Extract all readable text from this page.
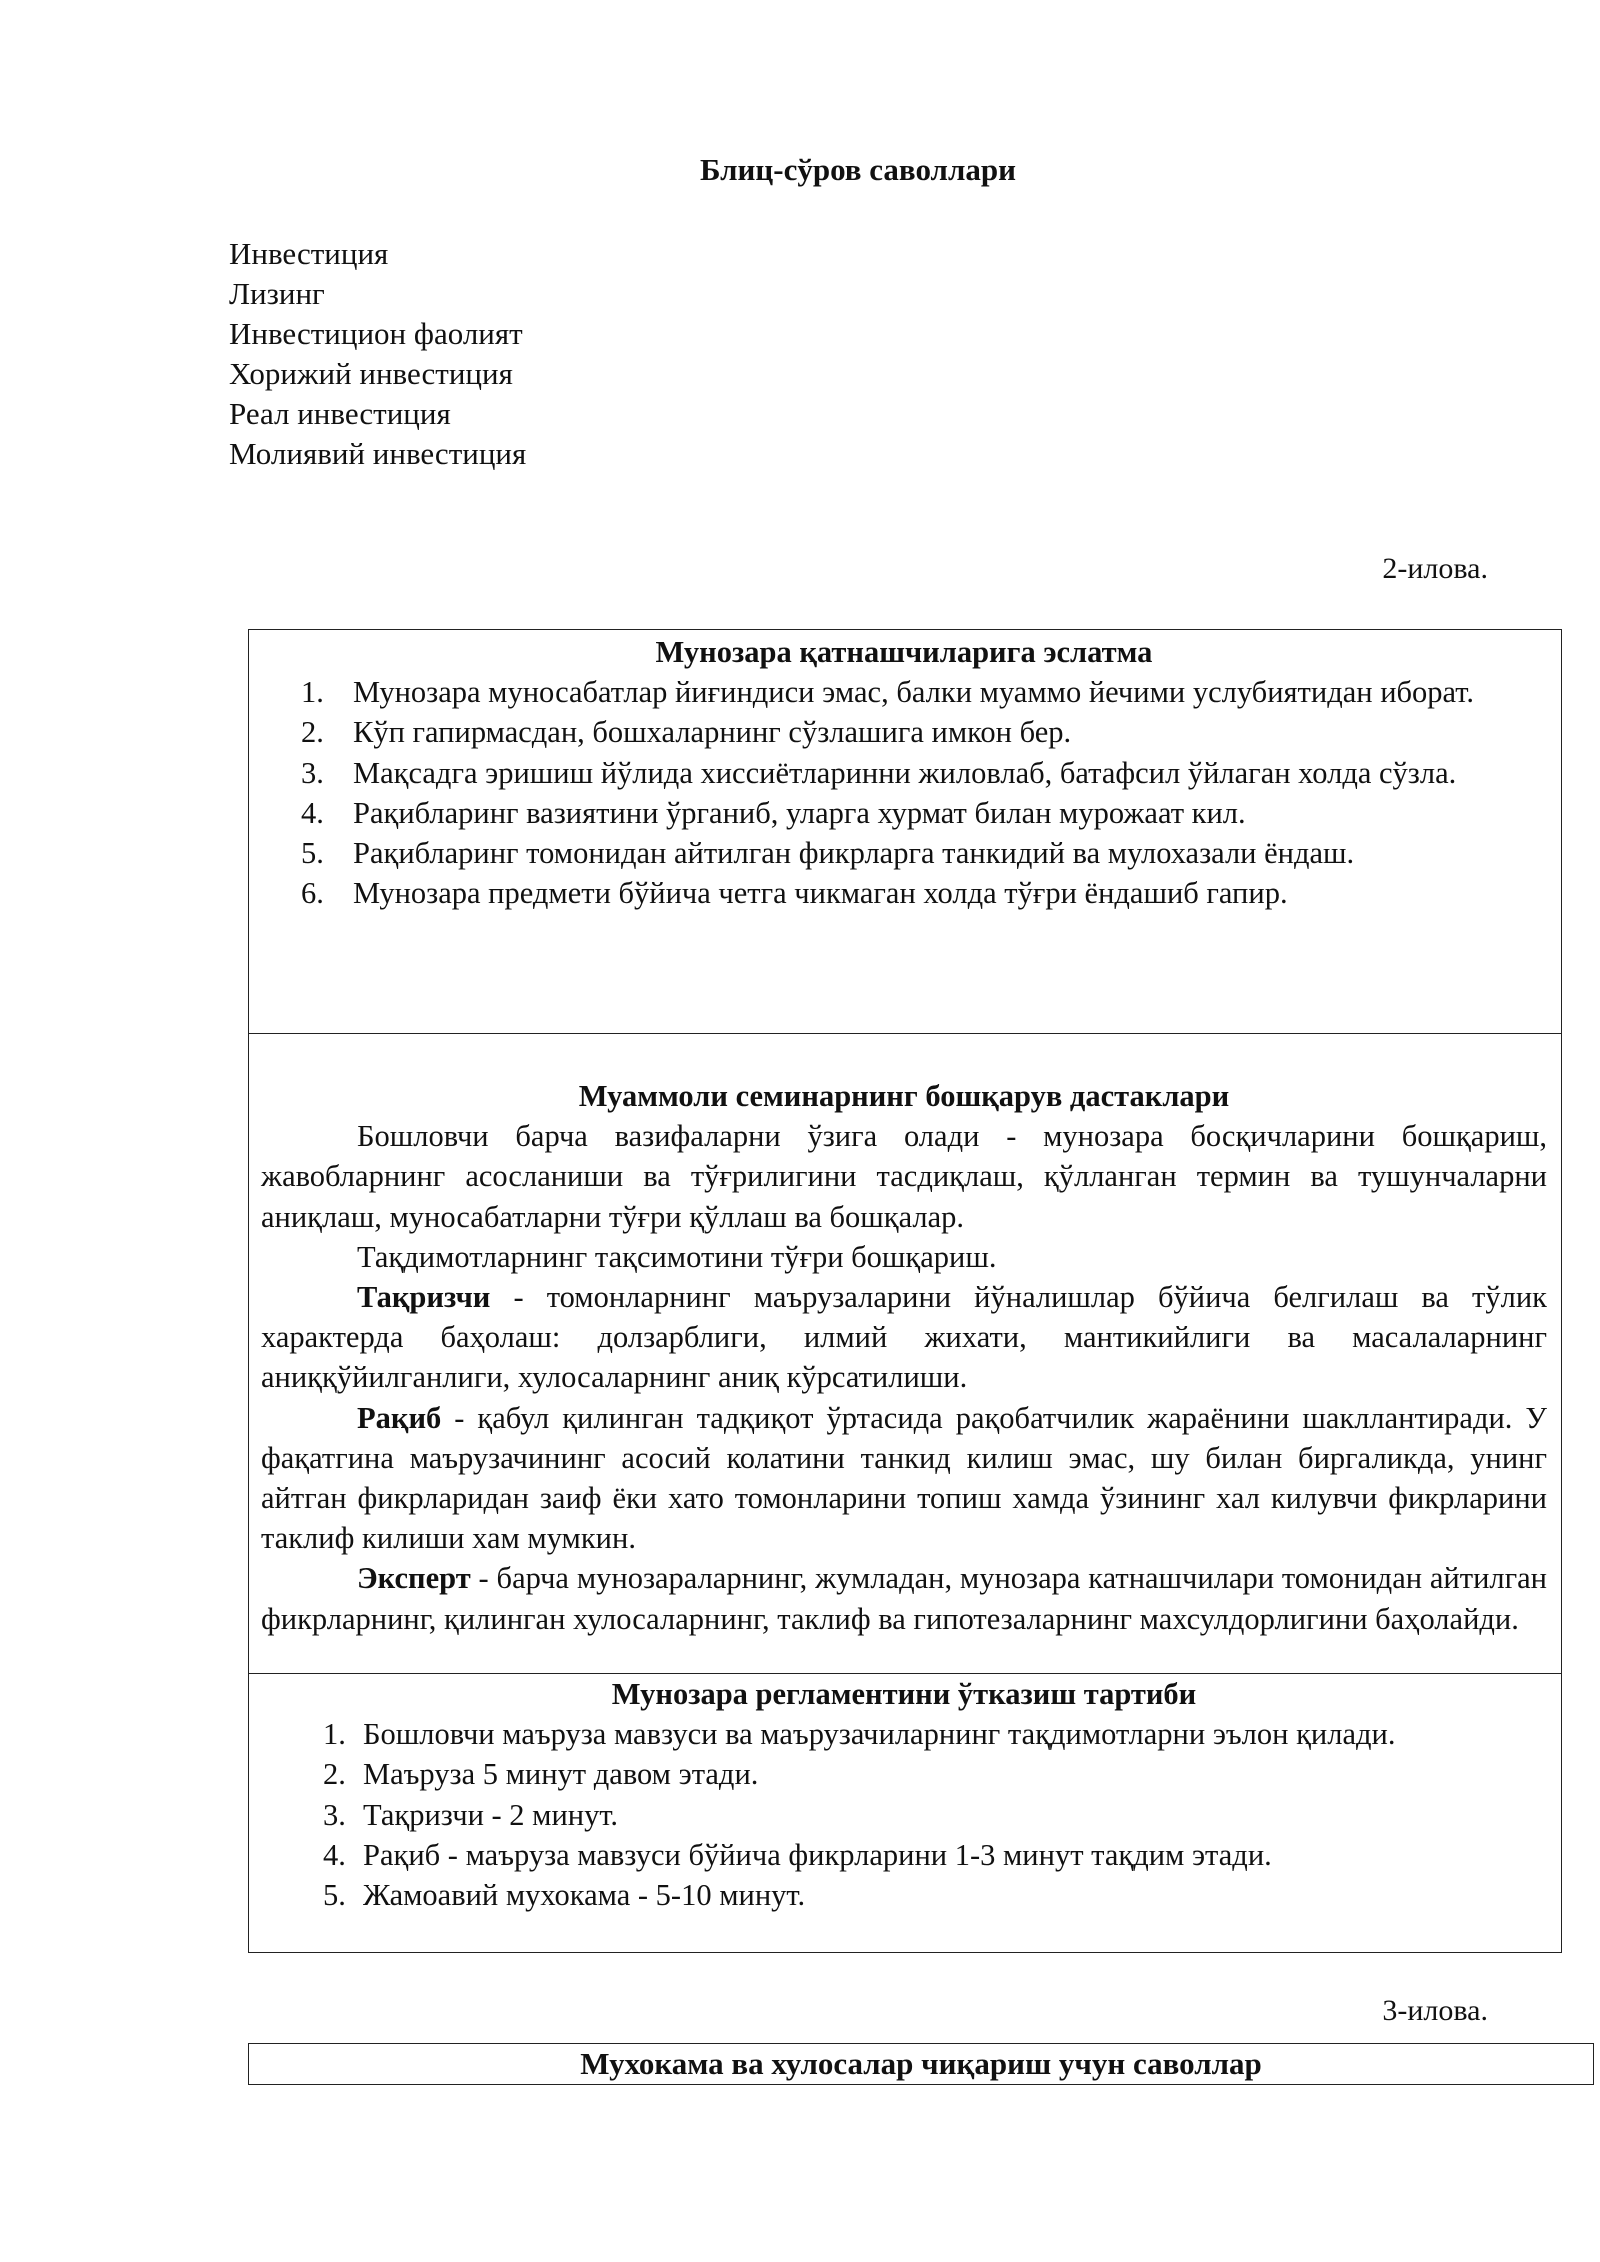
Блиц-сўров саволлари
Инвестиция
Лизинг
Инвестицион фаолият
Хорижий инвестиция
Реал инвестиция
Молиявий инвестиция
2-илова.
Мунозара қатнашчиларига эслатма
1. Мунозара муносабатлар йиғиндиси эмас, балки муаммо йечими услубиятидан иборат.
2. Кўп гапирмасдан, бошхаларнинг сўзлашига имкон бер.
3. Мақсадга эришиш йўлида хиссиётларинни жиловлаб, батафсил ўйлаган холда сўзла.
4. Рақибларинг вазиятини ўрганиб, уларга хурмат билан мурожаат кил.
5. Рақибларинг томонидан айтилган фикрларга танкидий ва мулохазали ёндаш.
6. Мунозара предмети бўйича четга чикмаган холда тўғри ёндашиб гапир.
Муаммоли семинарнинг бошқарув дастаклари

Бошловчи барча вазифаларни ўзига олади - мунозара босқичларини бошқариш, жавобларнинг асосланиши ва тўғрилигини тасдиқлаш, қўлланган термин ва тушунчаларни аниқлаш, муносабатларни тўғри қўллаш ва бошқалар.

Тақдимотларнинг тақсимотини тўғри бошқариш.

Тақризчи - томонларнинг маърузаларини йўналишлар бўйича белгилаш ва тўлик характерда баҳолаш: долзарблиги, илмий жихати, мантикийлиги ва масалаларнинг аниққўйилганлиги, хулосаларнинг аниқ кўрсатилиши.

Рақиб - қабул қилинган тадқиқот ўртасида рақобатчилик жараёнини шакллантиради. У фақатгина маърузачининг асосий колатини танкид килиш эмас, шу билан биргаликда, унинг айтган фикрларидан заиф ёки хато томонларини топиш хамда ўзининг хал килувчи фикрларини таклиф килиши хам мумкин.

Эксперт - барча мунозараларнинг, жумладан, мунозара катнашчилари томонидан айтилган фикрларнинг, қилинган хулосаларнинг, таклиф ва гипотезаларнинг махсулдорлигини баҳолайди.

Мунозара регламентини ўтказиш тартиби
1. Бошловчи маъруза мавзуси ва маърузачиларнинг тақдимотларни эълон қилади.
2. Маъруза 5 минут давом этади.
3. Тақризчи - 2 минут.
4. Рақиб - маъруза мавзуси бўйича фикрларини 1-3 минут тақдим этади.
5. Жамоавий мухокама - 5-10 минут.
3-илова.
Мухокама ва хулосалар чиқариш учун саволлар
